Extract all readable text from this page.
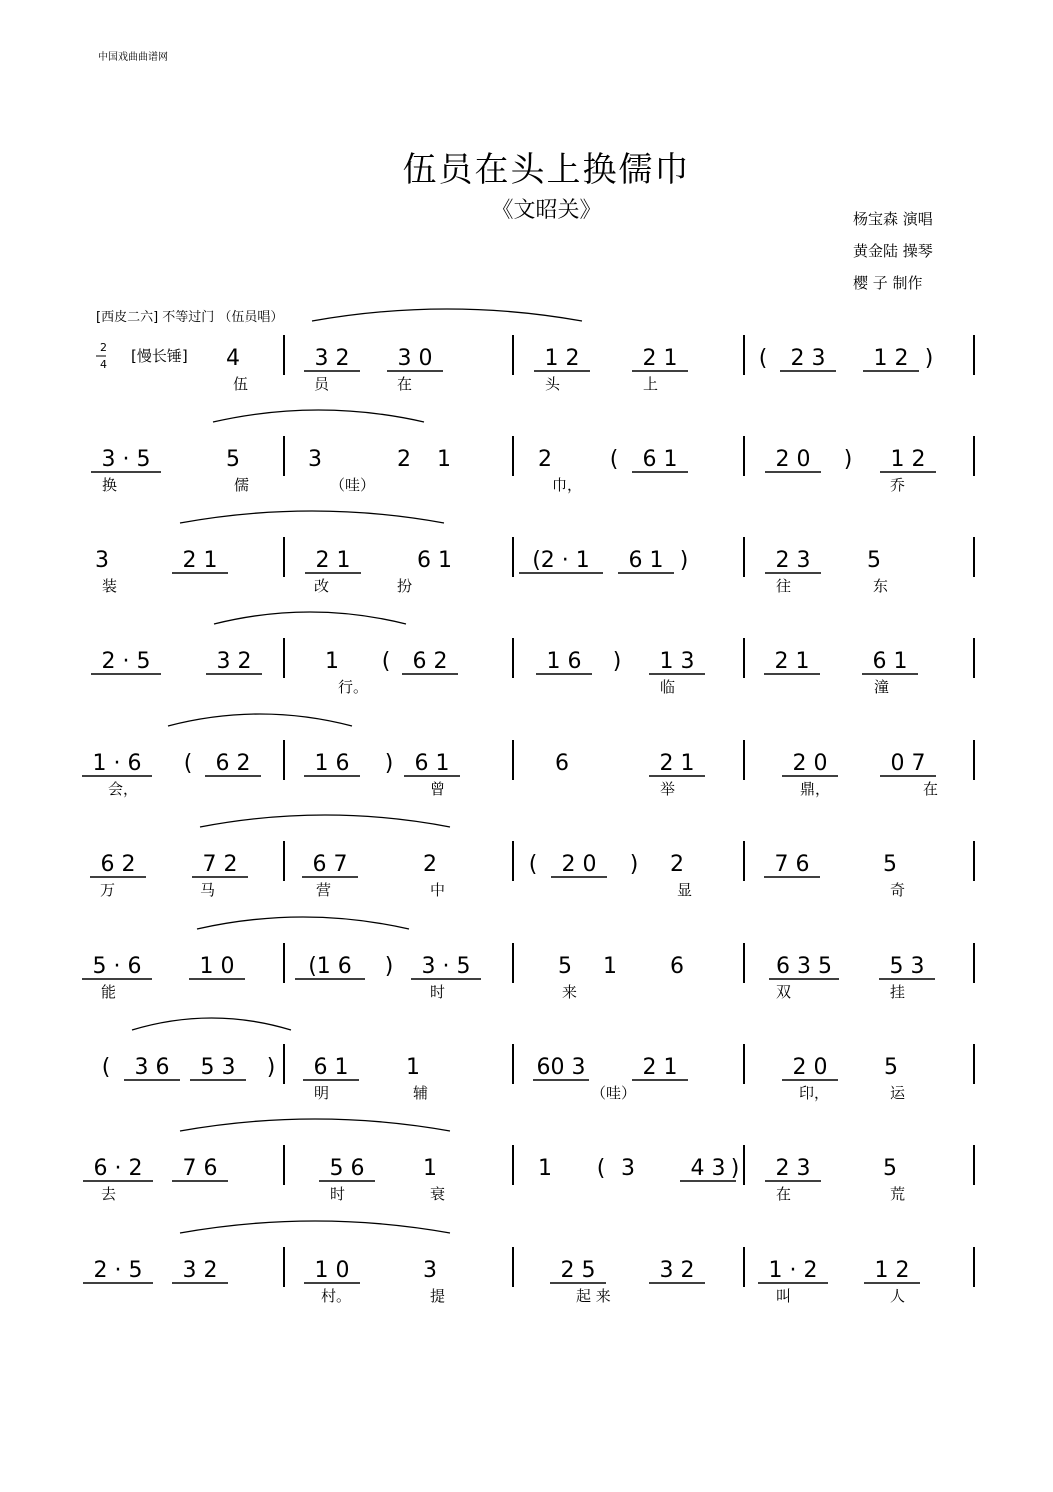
中国戏曲曲谱网
伍员在头上换儒巾
《文昭关》	杨宝森 演唱
黄金陆 操琴
樱 子 制作
[西皮二六] 不等过门 （伍员唱）
2
4 [慢长锤] 4	3 2 3 0	1 2	2 1	( 2 3 1 2 )
伍	员	在	头	上
3 · 5	5	3	2 1	2	( 6 1	2 0 ) 1 2
换	儒	（哇）	巾，	乔
3	2 1	2 1	6 1	(2 · 1 6 1 )	2 3	5
装	改	扮	往	东
2 · 5	3 2	1 ( 6 2	1 6 ) 1 3	2 1	6 1
行。	临	潼
1 · 6 ( 6 2	1 6 ) 6 1	6	2 1	2 0	0 7
会，	曾	举	鼎，	在
6 2	7 2	6 7	2	( 2 0 ) 2	7 6	5
万	马	营	中	显	奇
5 · 6	1 0	(1 6 ) 3 · 5	5 1 6	6 3 5	5 3
能	时	来	双	挂
( 3 6 5 3 ) 6 1	1	60 3	2 1	2 0	5
明	辅	（哇）	印，	运
6 · 2 7 6	5 6	1	1 ( 3	4 3 ) 2 3	5
去	时	衰	在	荒
2 · 5 3 2	1 0	3	2 5	3 2	1 · 2	1 2
村。	提	起 来	叫	人
